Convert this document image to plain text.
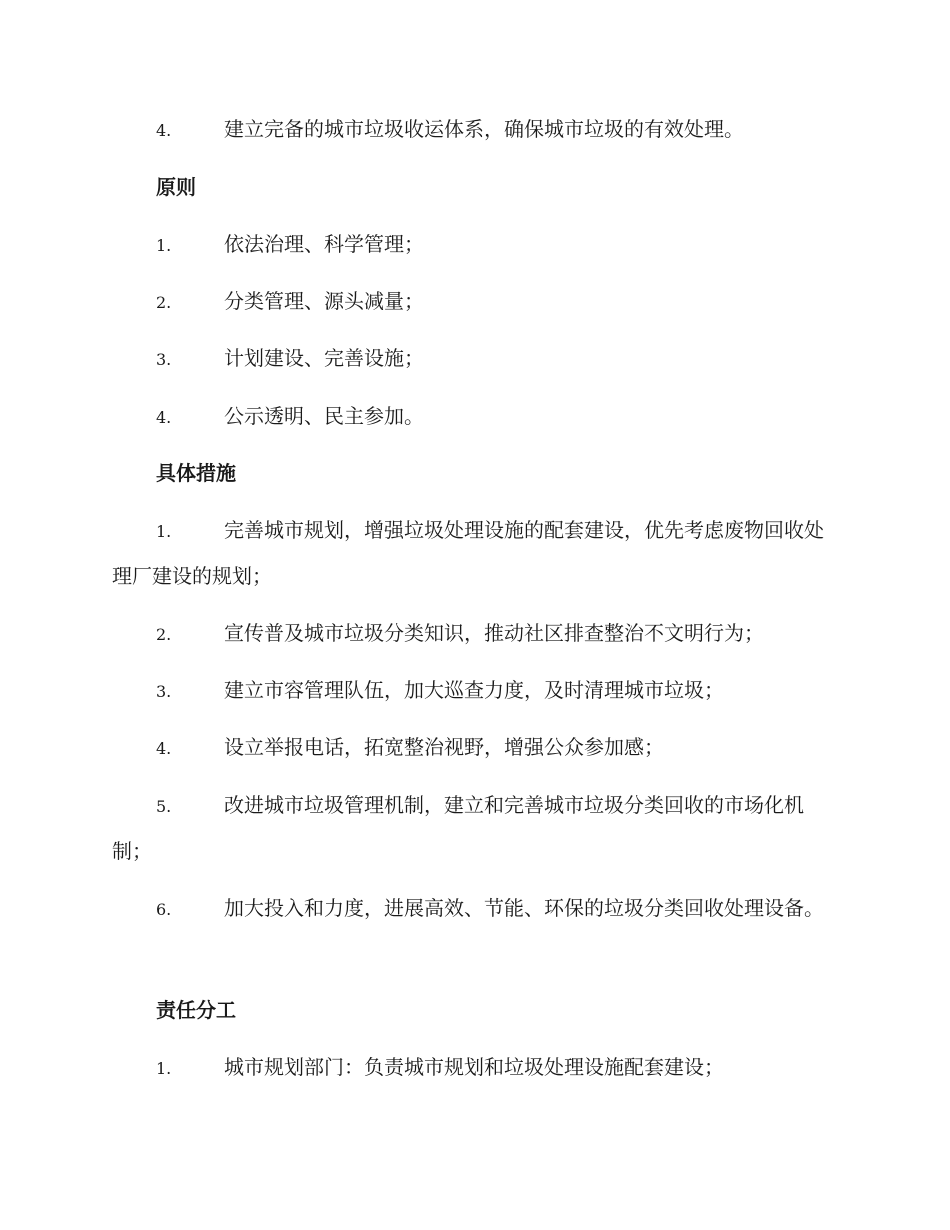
4.	建立完备的城市垃圾收运体系，确保城市垃圾的有效处理。

原则

1.	依法治理、科学管理；

2.	分类管理、源头减量；

3.	计划建设、完善设施；

4.	公示透明、民主参加。

具体措施

1.	完善城市规划，增强垃圾处理设施的配套建设，优先考虑废物回收处理厂建设的规划；

2.	宣传普及城市垃圾分类知识，推动社区排查整治不文明行为；

3.	建立市容管理队伍，加大巡查力度，及时清理城市垃圾；

4.	设立举报电话，拓宽整治视野，增强公众参加感；

5.	改进城市垃圾管理机制，建立和完善城市垃圾分类回收的市场化机制；

6.	加大投入和力度，进展高效、节能、环保的垃圾分类回收处理设备。

责任分工

1.	城市规划部门：负责城市规划和垃圾处理设施配套建设；
